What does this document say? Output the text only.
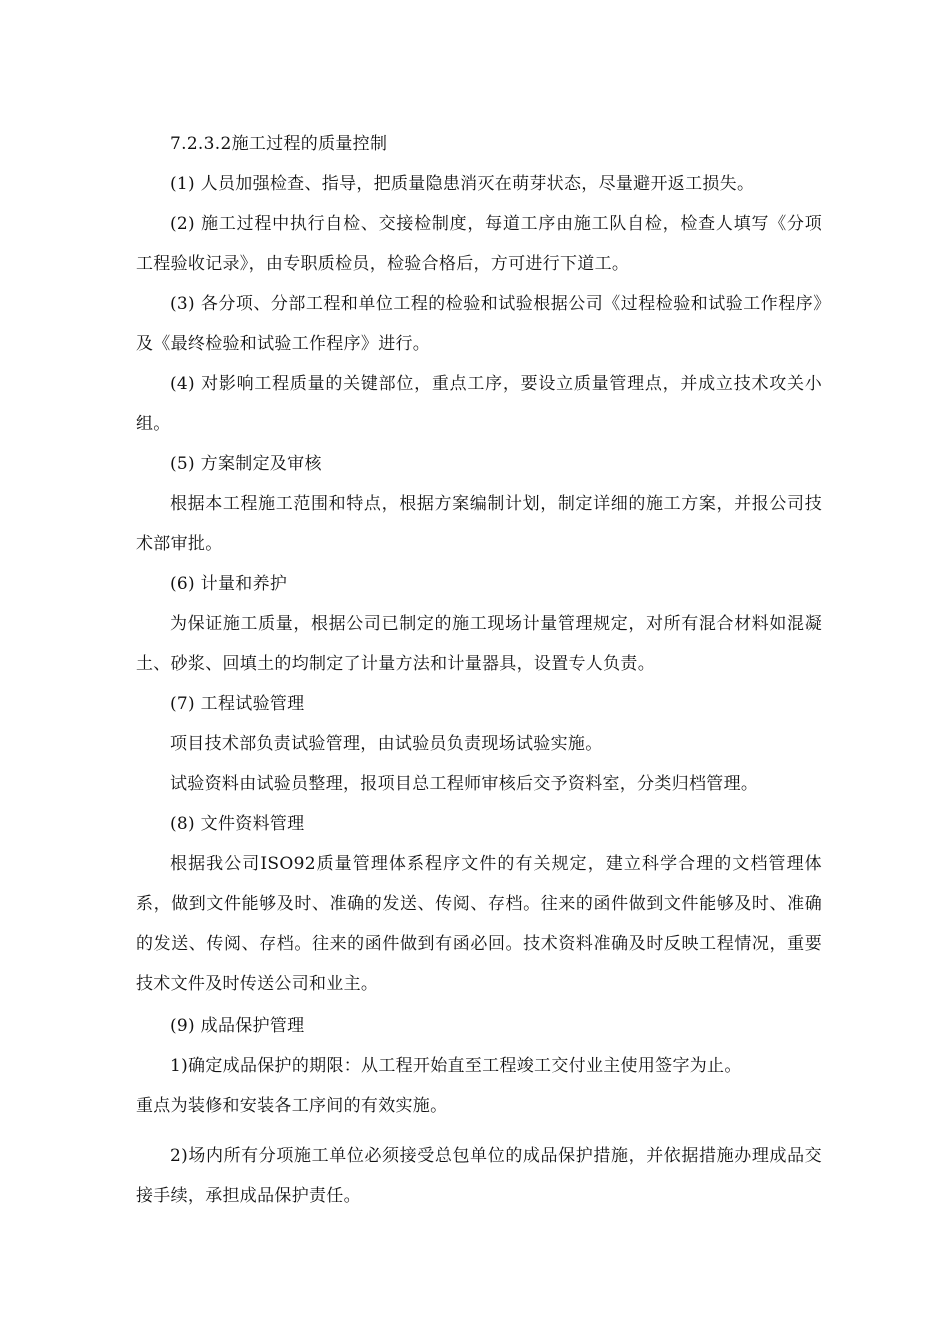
7.2.3.2施工过程的质量控制

(1) 人员加强检查、指导，把质量隐患消灭在萌芽状态，尽量避开返工损失。

(2) 施工过程中执行自检、交接检制度，每道工序由施工队自检，检查人填写《分项工程验收记录》，由专职质检员，检验合格后，方可进行下道工。

(3) 各分项、分部工程和单位工程的检验和试验根据公司《过程检验和试验工作程序》及《最终检验和试验工作程序》进行。

(4) 对影响工程质量的关键部位，重点工序，要设立质量管理点，并成立技术攻关小组。

(5) 方案制定及审核

根据本工程施工范围和特点，根据方案编制计划，制定详细的施工方案，并报公司技术部审批。

(6) 计量和养护

为保证施工质量，根据公司已制定的施工现场计量管理规定，对所有混合材料如混凝土、砂浆、回填土的均制定了计量方法和计量器具，设置专人负责。

(7) 工程试验管理

项目技术部负责试验管理，由试验员负责现场试验实施。

试验资料由试验员整理，报项目总工程师审核后交予资料室，分类归档管理。

(8) 文件资料管理

根据我公司ISO92质量管理体系程序文件的有关规定，建立科学合理的文档管理体系，做到文件能够及时、准确的发送、传阅、存档。往来的函件做到文件能够及时、准确的发送、传阅、存档。往来的函件做到有函必回。技术资料准确及时反映工程情况，重要技术文件及时传送公司和业主。

(9) 成品保护管理

1)确定成品保护的期限：从工程开始直至工程竣工交付业主使用签字为止。

重点为装修和安装各工序间的有效实施。

2)场内所有分项施工单位必须接受总包单位的成品保护措施，并依据措施办理成品交接手续，承担成品保护责任。
